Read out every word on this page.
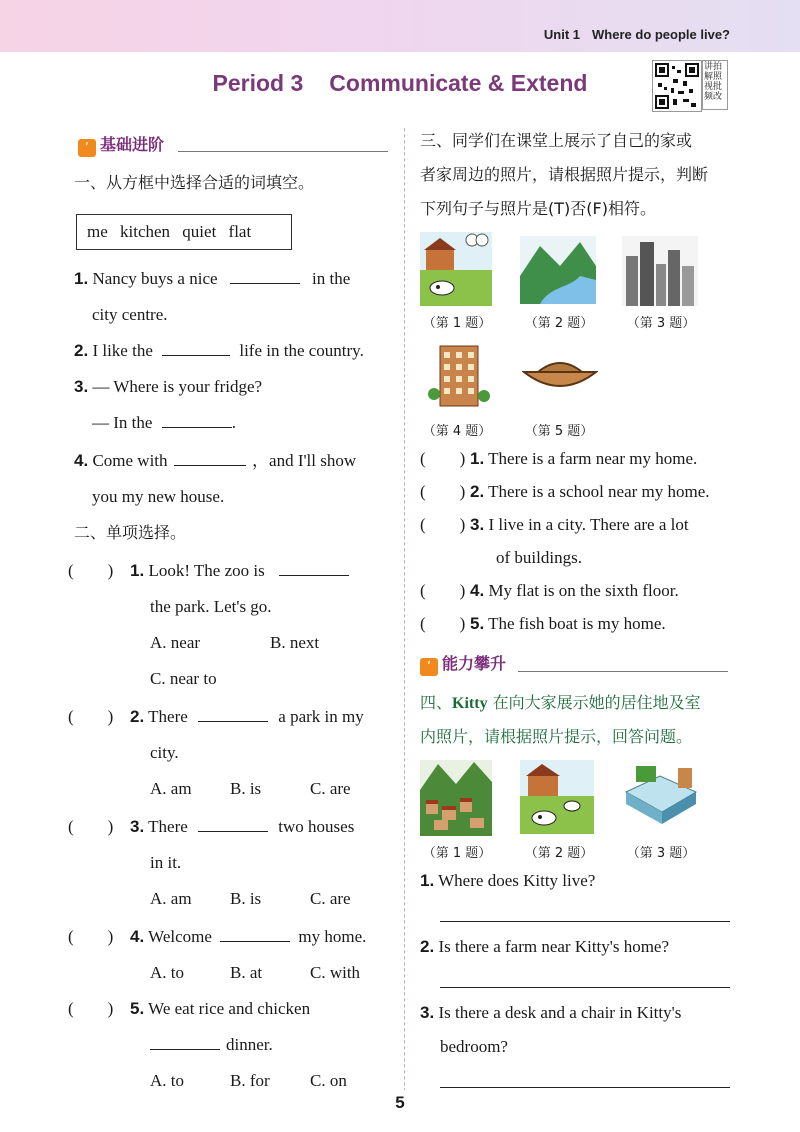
Unit 1 Where do people live?
Period 3 Communicate & Extend
讲拍解照视批频改
ʹ 基础进阶
一、从方框中选择合适的词填空。
me kitchen quiet flat
1. Nancy buys a nice	in the
city centre.
2. I like the	life in the country.
3. — Where is your fridge?
— In the	.
4. Come with	，and I'll show
you my new house.
二、单项选择。
(　　) 1. Look! The zoo is
the park. Let's go.
A. near	B. next
C. near to
(　　) 2. There	a park in my
city.
A. am B. is	C. are
(　　) 3. There	two houses
in it.
A. am B. is	C. are
(　　) 4. Welcome	my home.
A. to	B. at	C. with
(　　) 5. We eat rice and chicken
dinner.
A. to	B. for C. on
三、同学们在课堂上展示了自己的家或
者家周边的照片，请根据照片提示，判断
下列句子与照片是(T)否(F)相符。
（第 1 题）	（第 2 题）	（第 3 题）
（第 4 题）	（第 5 题）
(　　) 1. There is a farm near my home.
(　　) 2. There is a school near my home.
(　　) 3. I live in a city. There are a lot
of buildings.
(　　) 4. My flat is on the sixth floor.
(　　) 5. The fish boat is my home.
ʹ 能力攀升
四、Kitty 在向大家展示她的居住地及室
内照片，请根据照片提示，回答问题。
（第 1 题）	（第 2 题）	（第 3 题）
1. Where does Kitty live?
2. Is there a farm near Kitty's home?
3. Is there a desk and a chair in Kitty's
bedroom?
5
